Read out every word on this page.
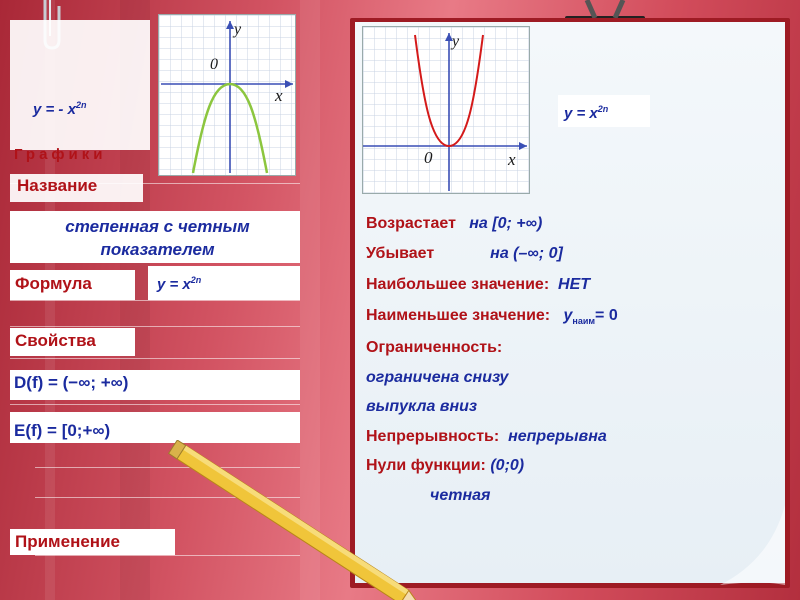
y = - $x^{2n}$
Графики
y
x
0
Название
степенная с четным показателем
Формула	$y = x^{2n}$
Свойства
D(f) = (−∞; +∞)
E(f) = [0;+∞)
Применение
y
x
0
$y = x^{2n}$
Возрастает на [0; +∞)
Убывает	на (–∞; 0]
Наибольшее значение: НЕТ
Наименьшее значение: $у_{наим}= 0$
Ограниченность:
ограничена снизу
выпукла вниз
Непрерывность: непрерывна
Нули функции: (0;0)
четная
